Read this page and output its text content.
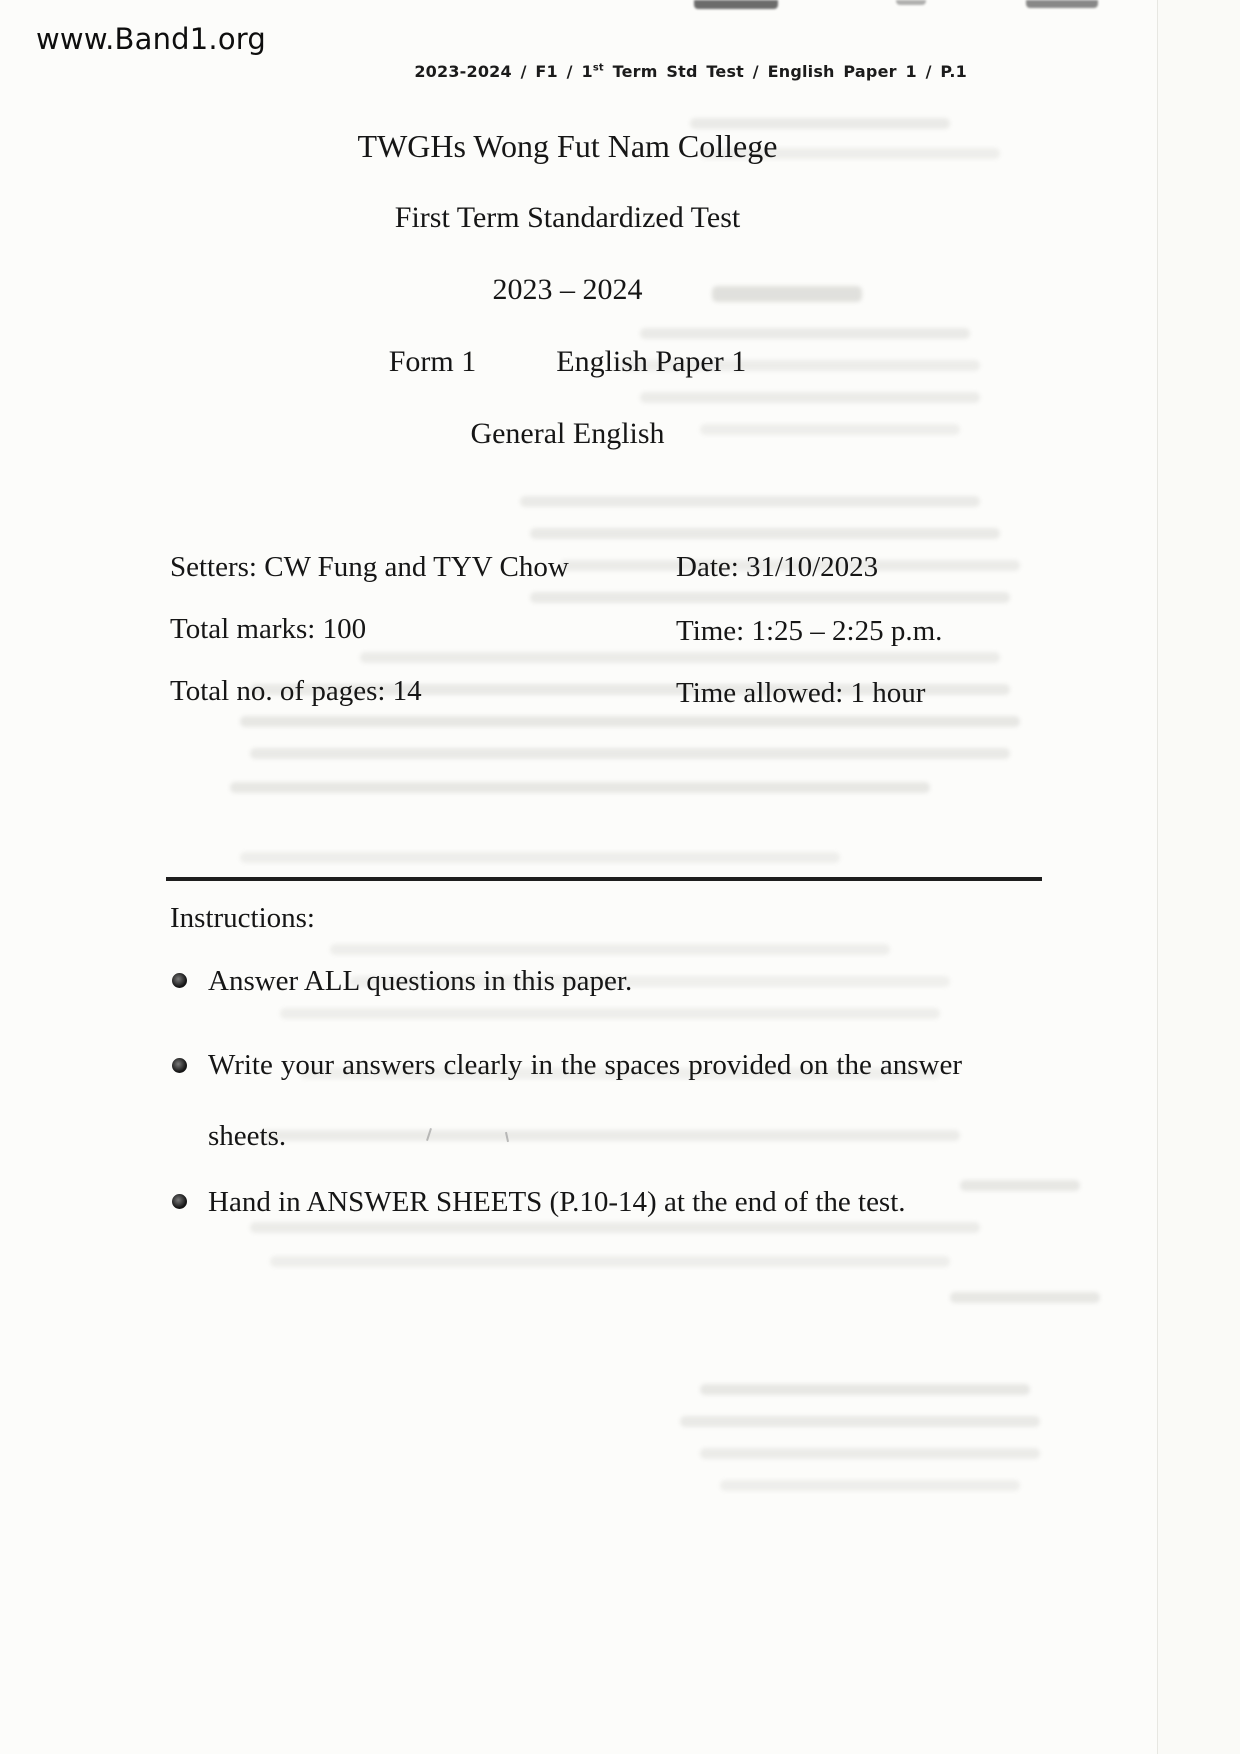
www.Band1.org
2023-2024 / F1 / 1st Term Std Test / English Paper 1 / P.1
TWGHs Wong Fut Nam College
First Term Standardized Test
2023 – 2024
Form 1	English Paper 1
General English
Setters: CW Fung and TYV Chow
Total marks: 100
Total no. of pages: 14
Date: 31/10/2023
Time: 1:25 – 2:25 p.m.
Time allowed: 1 hour
Instructions:
Answer ALL questions in this paper.
Write your answers clearly in the spaces provided on the answer sheets.
Hand in ANSWER SHEETS (P.10-14) at the end of the test.
